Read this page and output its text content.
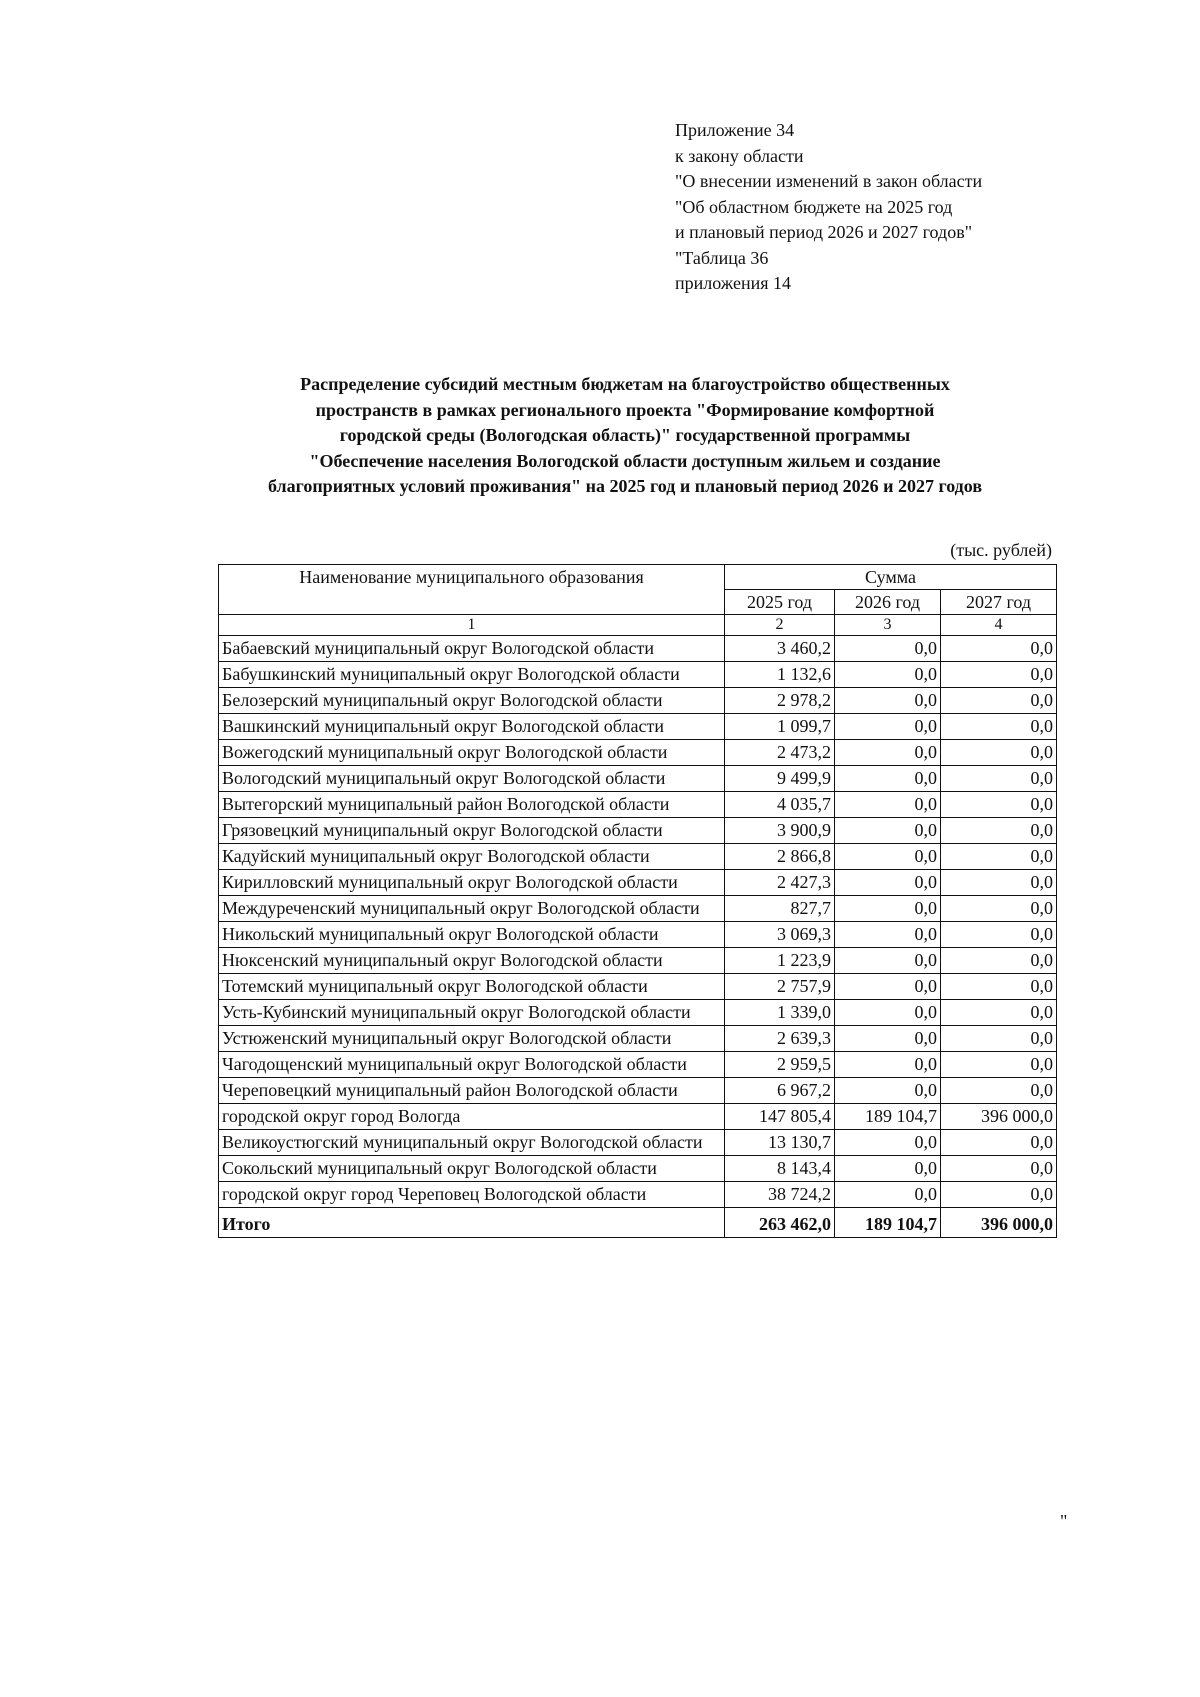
Приложение 34
к закону области
"О внесении изменений в закон области
"Об областном бюджете на 2025 год
и плановый период 2026 и 2027 годов"
"Таблица 36
приложения 14
Распределение субсидий местным бюджетам на благоустройство общественных
пространств в рамках регионального проекта "Формирование комфортной
городской среды (Вологодская область)" государственной программы
"Обеспечение населения Вологодской области доступным жильем и создание
благоприятных условий проживания" на 2025 год и плановый период 2026 и 2027 годов
(тыс. рублей)
Наименование муниципального образования	Сумма		
	2025 год	2026 год	2027 год
1	2	3	4
Бабаевский муниципальный округ Вологодской области	3 460,2	0,0	0,0
Бабушкинский муниципальный округ Вологодской области	1 132,6	0,0	0,0
Белозерский муниципальный округ Вологодской области	2 978,2	0,0	0,0
Вашкинский муниципальный округ Вологодской области	1 099,7	0,0	0,0
Вожегодский муниципальный округ Вологодской области	2 473,2	0,0	0,0
Вологодский муниципальный округ Вологодской области	9 499,9	0,0	0,0
Вытегорский муниципальный район Вологодской области	4 035,7	0,0	0,0
Грязовецкий муниципальный округ Вологодской области	3 900,9	0,0	0,0
Кадуйский муниципальный округ Вологодской области	2 866,8	0,0	0,0
Кирилловский муниципальный округ Вологодской области	2 427,3	0,0	0,0
Междуреченский муниципальный округ Вологодской области	827,7	0,0	0,0
Никольский муниципальный округ Вологодской области	3 069,3	0,0	0,0
Нюксенский муниципальный округ Вологодской области	1 223,9	0,0	0,0
Тотемский муниципальный округ Вологодской области	2 757,9	0,0	0,0
Усть-Кубинский муниципальный округ Вологодской области	1 339,0	0,0	0,0
Устюженский муниципальный округ Вологодской области	2 639,3	0,0	0,0
Чагодощенский муниципальный округ Вологодской области	2 959,5	0,0	0,0
Череповецкий муниципальный район Вологодской области	6 967,2	0,0	0,0
городской округ город Вологда	147 805,4	189 104,7	396 000,0
Великоустюгский муниципальный округ Вологодской области	13 130,7	0,0	0,0
Сокольский муниципальный округ Вологодской области	8 143,4	0,0	0,0
городской округ город Череповец Вологодской области	38 724,2	0,0	0,0
Итого	263 462,0	189 104,7	396 000,0
"
